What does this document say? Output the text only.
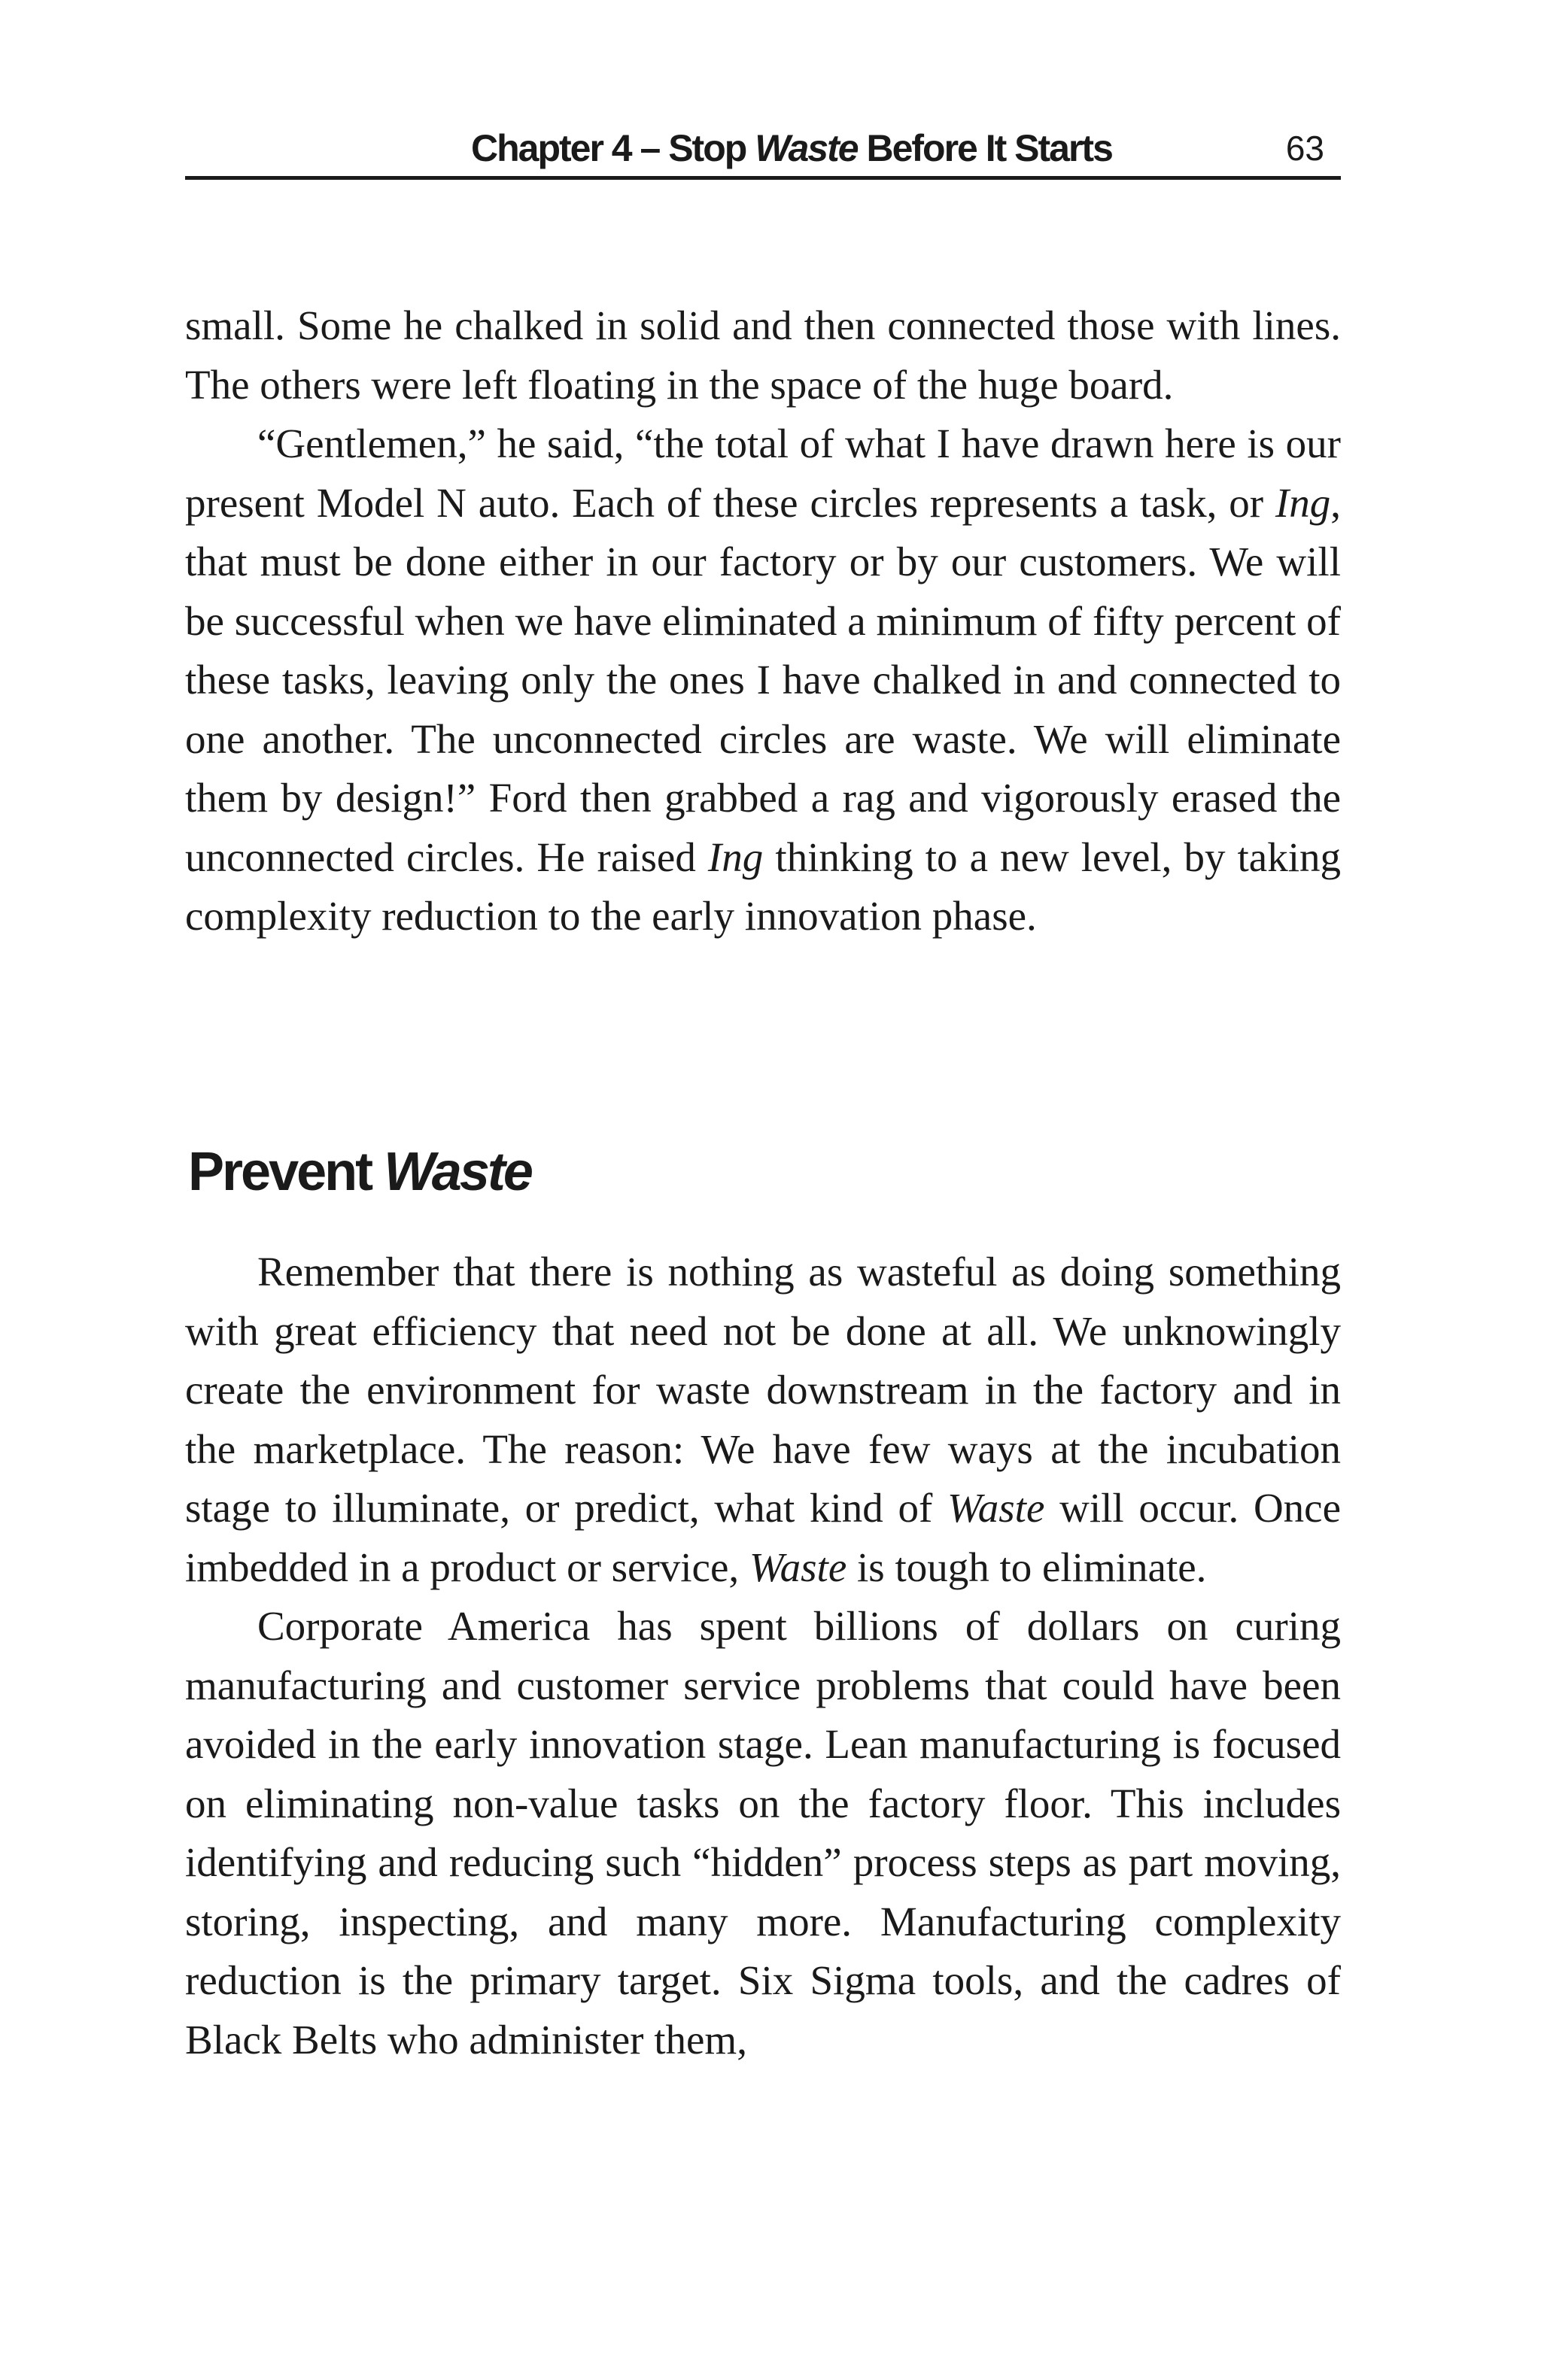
Chapter 4 – Stop Waste Before It Starts	63

small. Some he chalked in solid and then connected those with lines. The others were left floating in the space of the huge board.

“Gentlemen,” he said, “the total of what I have drawn here is our present Model N auto. Each of these circles represents a task, or Ing, that must be done either in our factory or by our customers. We will be successful when we have eliminated a minimum of fifty percent of these tasks, leaving only the ones I have chalked in and connected to one another. The unconnected circles are waste. We will eliminate them by design!” Ford then grabbed a rag and vigorously erased the unconnected circles. He raised Ing thinking to a new level, by taking complexity reduction to the early innovation phase.

Prevent Waste

Remember that there is nothing as wasteful as doing something with great efficiency that need not be done at all. We unknowingly create the environment for waste downstream in the factory and in the marketplace. The reason: We have few ways at the incubation stage to illuminate, or predict, what kind of Waste will occur. Once imbedded in a product or service, Waste is tough to eliminate.

Corporate America has spent billions of dollars on curing manufacturing and customer service problems that could have been avoided in the early innovation stage. Lean manufacturing is focused on eliminating non-value tasks on the factory floor. This includes identifying and reducing such “hidden” process steps as part moving, storing, inspecting, and many more. Manufacturing complexity reduction is the primary target. Six Sigma tools, and the cadres of Black Belts who administer them,
